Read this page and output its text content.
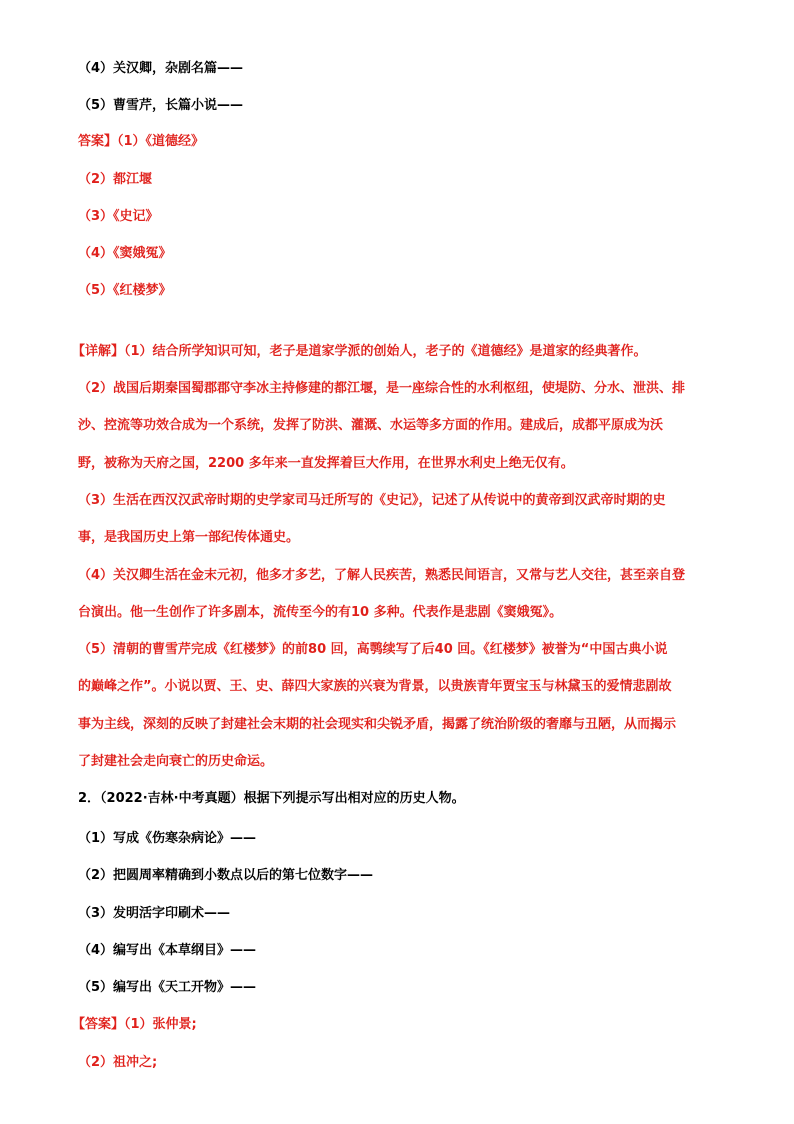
（4）关汉卿，杂剧名篇——
（5）曹雪芹，长篇小说——
答案】（1）《道德经》
（2）都江堰
（3）《史记》
（4）《窦娥冤》
（5）《红楼梦》
【详解】（1）结合所学知识可知，老子是道家学派的创始人，老子的《道德经》是道家的经典著作。
（2）战国后期秦国蜀郡郡守李冰主持修建的都江堰，是一座综合性的水利枢纽，使堤防、分水、泄洪、排
沙、控流等功效合成为一个系统，发挥了防洪、灌溉、水运等多方面的作用。建成后，成都平原成为沃
野，被称为天府之国，2200 多年来一直发挥着巨大作用，在世界水利史上绝无仅有。
（3）生活在西汉汉武帝时期的史学家司马迁所写的《史记》，记述了从传说中的黄帝到汉武帝时期的史
事，是我国历史上第一部纪传体通史。
（4）关汉卿生活在金末元初，他多才多艺，了解人民疾苦，熟悉民间语言，又常与艺人交往，甚至亲自登
台演出。他一生创作了许多剧本，流传至今的有10 多种。代表作是悲剧《窦娥冤》。
（5）清朝的曹雪芹完成《红楼梦》的前80 回，高鹗续写了后40 回。《红楼梦》被誉为“中国古典小说
的巅峰之作”。小说以贾、王、史、薛四大家族的兴衰为背景，以贵族青年贾宝玉与林黛玉的爱情悲剧故
事为主线，深刻的反映了封建社会末期的社会现实和尖锐矛盾，揭露了统治阶级的奢靡与丑陋，从而揭示
了封建社会走向衰亡的历史命运。
2．（2022·吉林·中考真题）根据下列提示写出相对应的历史人物。
（1）写成《伤寒杂病论》——
（2）把圆周率精确到小数点以后的第七位数字——
（3）发明活字印刷术——
（4）编写出《本草纲目》——
（5）编写出《天工开物》——
【答案】（1）张仲景;
（2）祖冲之;
